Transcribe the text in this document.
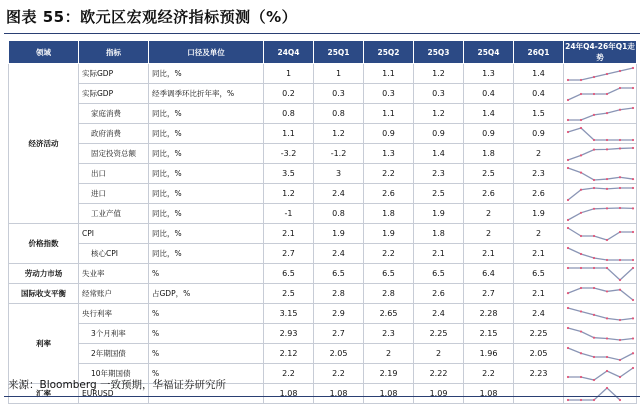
图表 55：欧元区宏观经济指标预测（%）
领域	指标	口径及单位	24Q4	25Q1	25Q2	25Q3	25Q4	26Q1	24年Q4-26年Q1走势
经济活动	实际GDP	同比，%	1	1	1.1	1.2	1.3	1.4	

	实际GDP	经季调季环比折年率，%	0.2	0.3	0.3	0.3	0.4	0.4	

	家庭消费	同比，%	0.8	0.8	1.1	1.2	1.4	1.5	

	政府消费	同比，%	1.1	1.2	0.9	0.9	0.9	0.9	

	固定投资总额	同比，%	-3.2	-1.2	1.3	1.4	1.8	2	

	出口	同比，%	3.5	3	2.2	2.3	2.5	2.3	

	进口	同比，%	1.2	2.4	2.6	2.5	2.6	2.6	

	工业产值	同比，%	-1	0.8	1.8	1.9	2	1.9	

价格指数	CPI	同比，%	2.1	1.9	1.9	1.8	2	2	

	核心CPI	同比，%	2.7	2.4	2.2	2.1	2.1	2.1	

劳动力市场	失业率	%	6.5	6.5	6.5	6.5	6.4	6.5	

国际收支平衡	经常账户	占GDP，%	2.5	2.8	2.8	2.6	2.7	2.1	

利率	央行利率	%	3.15	2.9	2.65	2.4	2.28	2.4	

	3个月利率	%	2.93	2.7	2.3	2.25	2.15	2.25	

	2年期国债	%	2.12	2.05	2	2	1.96	2.05	

	10年期国债	%	2.2	2.2	2.19	2.22	2.2	2.23	

汇率	EURUSD		1.08	1.08	1.08	1.09	1.08		
来源：Bloomberg 一致预期，华福证券研究所
